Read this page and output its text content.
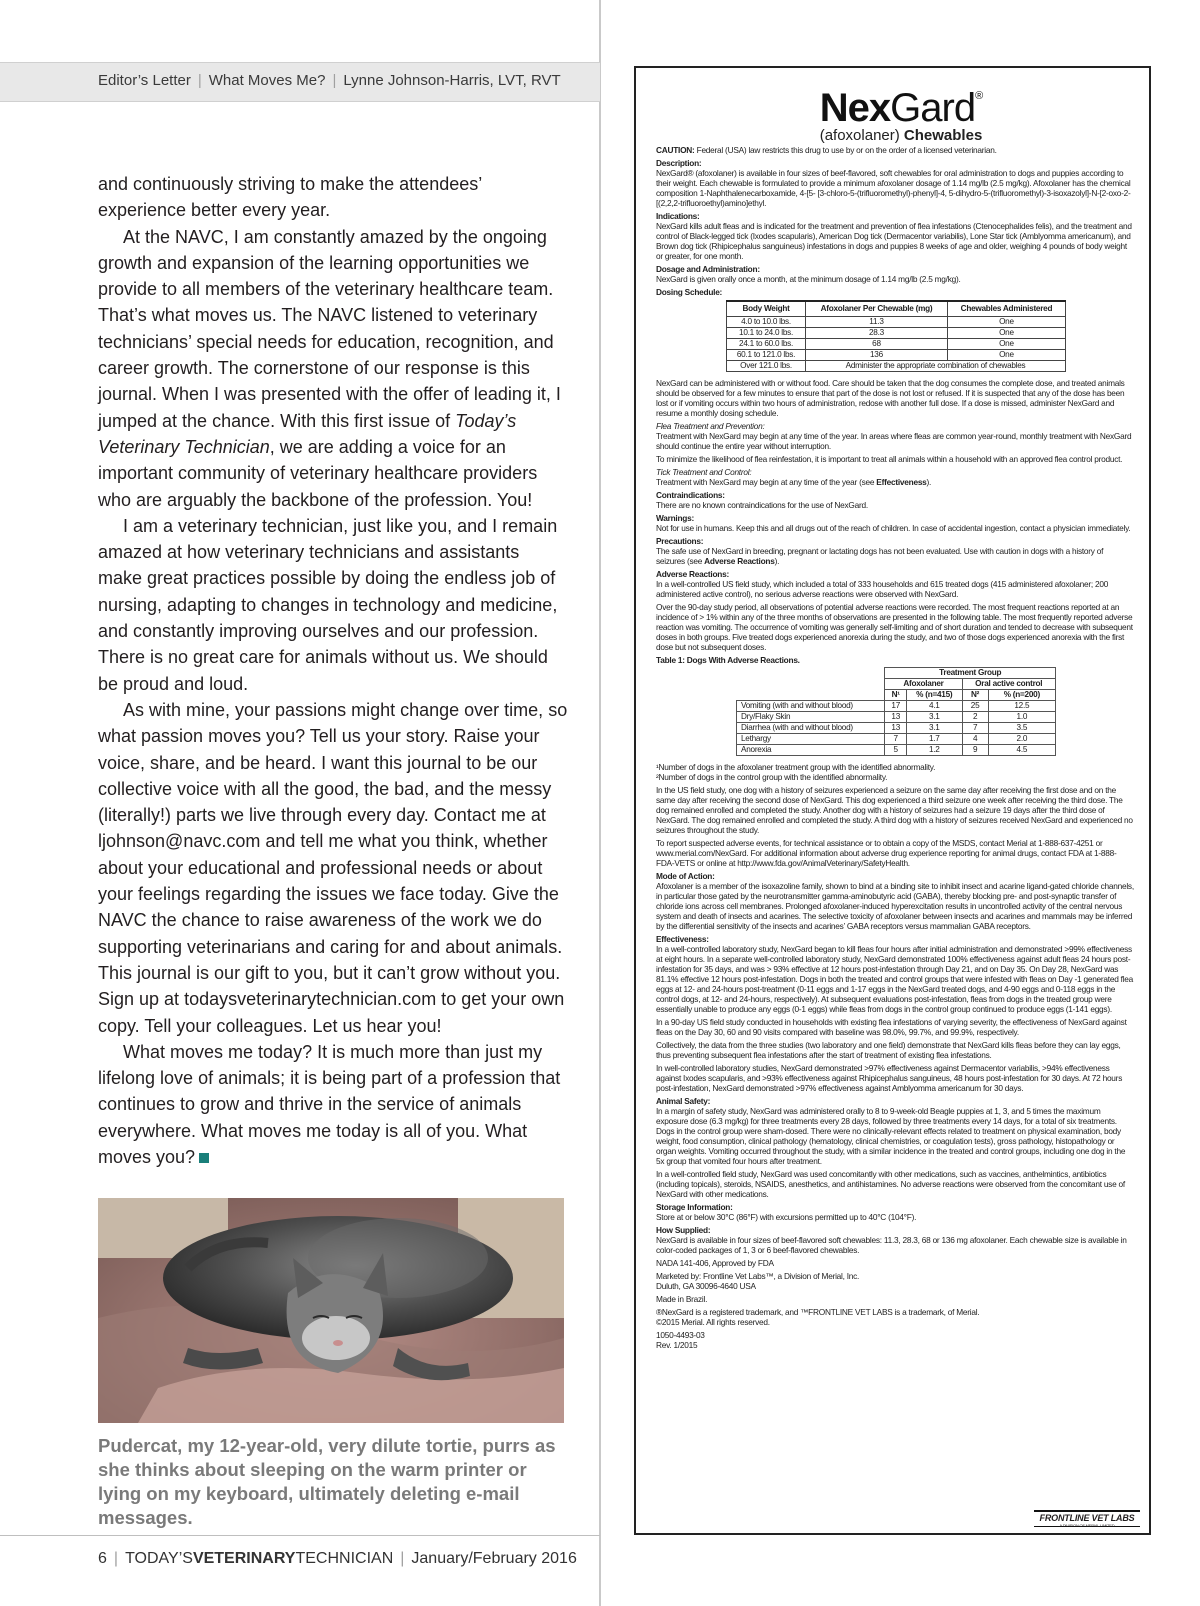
Editor’s Letter | What Moves Me? | Lynne Johnson-Harris, LVT, RVT

and continuously striving to make the attendees’ experience better every year.

At the NAVC, I am constantly amazed by the ongoing growth and expansion of the learning opportunities we provide to all members of the veterinary healthcare team. That’s what moves us. The NAVC listened to veterinary technicians’ special needs for education, recognition, and career growth. The cornerstone of our response is this journal. When I was presented with the offer of leading it, I jumped at the chance. With this first issue of Today’s Veterinary Technician, we are adding a voice for an important community of veterinary healthcare providers who are arguably the backbone of the profession. You!

I am a veterinary technician, just like you, and I remain amazed at how veterinary technicians and assistants make great practices possible by doing the endless job of nursing, adapting to changes in technology and medicine, and constantly improving ourselves and our profession. There is no great care for animals without us. We should be proud and loud.

As with mine, your passions might change over time, so what passion moves you? Tell us your story. Raise your voice, share, and be heard. I want this journal to be our collective voice with all the good, the bad, and the messy (literally!) parts we live through every day. Contact me at ljohnson@navc.com and tell me what you think, whether about your educational and professional needs or about your feelings regarding the issues we face today. Give the NAVC the chance to raise awareness of the work we do supporting veterinarians and caring for and about animals. This journal is our gift to you, but it can’t grow without you. Sign up at todaysveterinarytechnician.com to get your own copy. Tell your colleagues. Let us hear you!

What moves me today? It is much more than just my lifelong love of animals; it is being part of a profession that continues to grow and thrive in the service of animals everywhere. What moves me today is all of you. What moves you?

Pudercat, my 12-year-old, very dilute tortie, purrs as she thinks about sleeping on the warm printer or lying on my keyboard, ultimately deleting e-mail messages.
6 | TODAY’SVETERINARYTECHNICIAN | January/February 2016
NexGard®
(afoxolaner) Chewables

CAUTION: Federal (USA) law restricts this drug to use by or on the order of a licensed veterinarian.

Description:

NexGard® (afoxolaner) is available in four sizes of beef-flavored, soft chewables for oral administration to dogs and puppies according to their weight. Each chewable is formulated to provide a minimum afoxolaner dosage of 1.14 mg/lb (2.5 mg/kg). Afoxolaner has the chemical composition 1-Naphthalenecarboxamide, 4-[5- [3-chloro-5-(trifluoromethyl)-phenyl]-4, 5-dihydro-5-(trifluoromethyl)-3-isoxazolyl]-N-[2-oxo-2-[(2,2,2-trifluoroethyl)amino]ethyl.

Indications:

NexGard kills adult fleas and is indicated for the treatment and prevention of flea infestations (Ctenocephalides felis), and the treatment and control of Black-legged tick (Ixodes scapularis), American Dog tick (Dermacentor variabilis), Lone Star tick (Amblyomma americanum), and Brown dog tick (Rhipicephalus sanguineus) infestations in dogs and puppies 8 weeks of age and older, weighing 4 pounds of body weight or greater, for one month.

Dosage and Administration:

NexGard is given orally once a month, at the minimum dosage of 1.14 mg/lb (2.5 mg/kg).

Dosing Schedule:

Body Weight	Afoxolaner Per Chewable (mg)	Chewables Administered
4.0 to 10.0 lbs.	11.3	One
10.1 to 24.0 lbs.	28.3	One
24.1 to 60.0 lbs.	68	One
60.1 to 121.0 lbs.	136	One
Over 121.0 lbs.	Administer the appropriate combination of chewables	

NexGard can be administered with or without food. Care should be taken that the dog consumes the complete dose, and treated animals should be observed for a few minutes to ensure that part of the dose is not lost or refused. If it is suspected that any of the dose has been lost or if vomiting occurs within two hours of administration, redose with another full dose. If a dose is missed, administer NexGard and resume a monthly dosing schedule.

Flea Treatment and Prevention:

Treatment with NexGard may begin at any time of the year. In areas where fleas are common year-round, monthly treatment with NexGard should continue the entire year without interruption.

To minimize the likelihood of flea reinfestation, it is important to treat all animals within a household with an approved flea control product.

Tick Treatment and Control:

Treatment with NexGard may begin at any time of the year (see Effectiveness).

Contraindications:

There are no known contraindications for the use of NexGard.

Warnings:

Not for use in humans. Keep this and all drugs out of the reach of children. In case of accidental ingestion, contact a physician immediately.

Precautions:

The safe use of NexGard in breeding, pregnant or lactating dogs has not been evaluated. Use with caution in dogs with a history of seizures (see Adverse Reactions).

Adverse Reactions:

In a well-controlled US field study, which included a total of 333 households and 615 treated dogs (415 administered afoxolaner; 200 administered active control), no serious adverse reactions were observed with NexGard.

Over the 90-day study period, all observations of potential adverse reactions were recorded. The most frequent reactions reported at an incidence of > 1% within any of the three months of observations are presented in the following table. The most frequently reported adverse reaction was vomiting. The occurrence of vomiting was generally self-limiting and of short duration and tended to decrease with subsequent doses in both groups. Five treated dogs experienced anorexia during the study, and two of those dogs experienced anorexia with the first dose but not subsequent doses.

Table 1: Dogs With Adverse Reactions.

	Treatment Group			
	Afoxolaner		Oral active control	
	N¹	% (n=415)	N²	% (n=200)
Vomiting (with and without blood)	17	4.1	25	12.5
Dry/Flaky Skin	13	3.1	2	1.0
Diarrhea (with and without blood)	13	3.1	7	3.5
Lethargy	7	1.7	4	2.0
Anorexia	5	1.2	9	4.5

¹Number of dogs in the afoxolaner treatment group with the identified abnormality.

²Number of dogs in the control group with the identified abnormality.

In the US field study, one dog with a history of seizures experienced a seizure on the same day after receiving the first dose and on the same day after receiving the second dose of NexGard. This dog experienced a third seizure one week after receiving the third dose. The dog remained enrolled and completed the study. Another dog with a history of seizures had a seizure 19 days after the third dose of NexGard. The dog remained enrolled and completed the study. A third dog with a history of seizures received NexGard and experienced no seizures throughout the study.

To report suspected adverse events, for technical assistance or to obtain a copy of the MSDS, contact Merial at 1-888-637-4251 or www.merial.com/NexGard. For additional information about adverse drug experience reporting for animal drugs, contact FDA at 1-888-FDA-VETS or online at http://www.fda.gov/AnimalVeterinary/SafetyHealth.

Mode of Action:

Afoxolaner is a member of the isoxazoline family, shown to bind at a binding site to inhibit insect and acarine ligand-gated chloride channels, in particular those gated by the neurotransmitter gamma-aminobutyric acid (GABA), thereby blocking pre- and post-synaptic transfer of chloride ions across cell membranes. Prolonged afoxolaner-induced hyperexcitation results in uncontrolled activity of the central nervous system and death of insects and acarines. The selective toxicity of afoxolaner between insects and acarines and mammals may be inferred by the differential sensitivity of the insects and acarines’ GABA receptors versus mammalian GABA receptors.

Effectiveness:

In a well-controlled laboratory study, NexGard began to kill fleas four hours after initial administration and demonstrated >99% effectiveness at eight hours. In a separate well-controlled laboratory study, NexGard demonstrated 100% effectiveness against adult fleas 24 hours post-infestation for 35 days, and was > 93% effective at 12 hours post-infestation through Day 21, and on Day 35. On Day 28, NexGard was 81.1% effective 12 hours post-infestation. Dogs in both the treated and control groups that were infested with fleas on Day -1 generated flea eggs at 12- and 24-hours post-treatment (0-11 eggs and 1-17 eggs in the NexGard treated dogs, and 4-90 eggs and 0-118 eggs in the control dogs, at 12- and 24-hours, respectively). At subsequent evaluations post-infestation, fleas from dogs in the treated group were essentially unable to produce any eggs (0-1 eggs) while fleas from dogs in the control group continued to produce eggs (1-141 eggs).

In a 90-day US field study conducted in households with existing flea infestations of varying severity, the effectiveness of NexGard against fleas on the Day 30, 60 and 90 visits compared with baseline was 98.0%, 99.7%, and 99.9%, respectively.

Collectively, the data from the three studies (two laboratory and one field) demonstrate that NexGard kills fleas before they can lay eggs, thus preventing subsequent flea infestations after the start of treatment of existing flea infestations.

In well-controlled laboratory studies, NexGard demonstrated >97% effectiveness against Dermacentor variabilis, >94% effectiveness against Ixodes scapularis, and >93% effectiveness against Rhipicephalus sanguineus, 48 hours post-infestation for 30 days. At 72 hours post-infestation, NexGard demonstrated >97% effectiveness against Amblyomma americanum for 30 days.

Animal Safety:

In a margin of safety study, NexGard was administered orally to 8 to 9-week-old Beagle puppies at 1, 3, and 5 times the maximum exposure dose (6.3 mg/kg) for three treatments every 28 days, followed by three treatments every 14 days, for a total of six treatments. Dogs in the control group were sham-dosed. There were no clinically-relevant effects related to treatment on physical examination, body weight, food consumption, clinical pathology (hematology, clinical chemistries, or coagulation tests), gross pathology, histopathology or organ weights. Vomiting occurred throughout the study, with a similar incidence in the treated and control groups, including one dog in the 5x group that vomited four hours after treatment.

In a well-controlled field study, NexGard was used concomitantly with other medications, such as vaccines, anthelmintics, antibiotics (including topicals), steroids, NSAIDS, anesthetics, and antihistamines. No adverse reactions were observed from the concomitant use of NexGard with other medications.

Storage Information:

Store at or below 30°C (86°F) with excursions permitted up to 40°C (104°F).

How Supplied:

NexGard is available in four sizes of beef-flavored soft chewables: 11.3, 28.3, 68 or 136 mg afoxolaner. Each chewable size is available in color-coded packages of 1, 3 or 6 beef-flavored chewables.

NADA 141-406, Approved by FDA

Marketed by: Frontline Vet Labs™, a Division of Merial, Inc.

Duluth, GA 30096-4640 USA

Made in Brazil.

®NexGard is a registered trademark, and ™FRONTLINE VET LABS is a trademark, of Merial.

©2015 Merial. All rights reserved.

1050-4493-03

Rev. 1/2015

FRONTLINE VET LABS
A DIVISION OF MERIAL LIMITED
